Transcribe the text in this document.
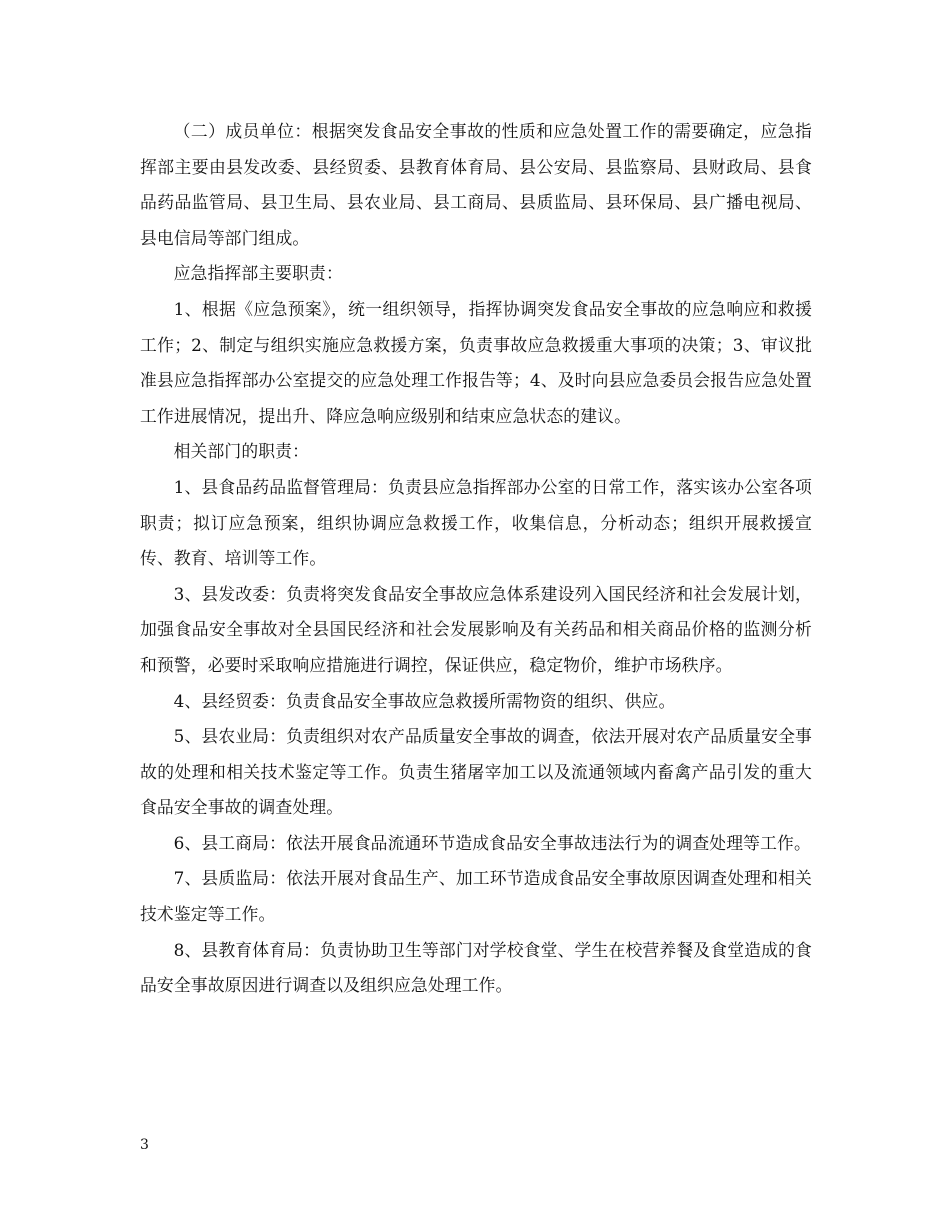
（二）成员单位：根据突发食品安全事故的性质和应急处置工作的需要确定，应急指挥部主要由县发改委、县经贸委、县教育体育局、县公安局、县监察局、县财政局、县食品药品监管局、县卫生局、县农业局、县工商局、县质监局、县环保局、县广播电视局、县电信局等部门组成。

应急指挥部主要职责：

1、根据《应急预案》，统一组织领导，指挥协调突发食品安全事故的应急响应和救援工作；2、制定与组织实施应急救援方案，负责事故应急救援重大事项的决策；3、审议批准县应急指挥部办公室提交的应急处理工作报告等；4、及时向县应急委员会报告应急处置工作进展情况，提出升、降应急响应级别和结束应急状态的建议。

相关部门的职责：

1、县食品药品监督管理局：负责县应急指挥部办公室的日常工作，落实该办公室各项职责；拟订应急预案，组织协调应急救援工作，收集信息，分析动态；组织开展救援宣传、教育、培训等工作。

3、县发改委：负责将突发食品安全事故应急体系建设列入国民经济和社会发展计划，加强食品安全事故对全县国民经济和社会发展影响及有关药品和相关商品价格的监测分析和预警，必要时采取响应措施进行调控，保证供应，稳定物价，维护市场秩序。

4、县经贸委：负责食品安全事故应急救援所需物资的组织、供应。

5、县农业局：负责组织对农产品质量安全事故的调查，依法开展对农产品质量安全事故的处理和相关技术鉴定等工作。负责生猪屠宰加工以及流通领域内畜禽产品引发的重大食品安全事故的调查处理。

6、县工商局：依法开展食品流通环节造成食品安全事故违法行为的调查处理等工作。

7、县质监局：依法开展对食品生产、加工环节造成食品安全事故原因调查处理和相关技术鉴定等工作。

8、县教育体育局：负责协助卫生等部门对学校食堂、学生在校营养餐及食堂造成的食品安全事故原因进行调查以及组织应急处理工作。

3
